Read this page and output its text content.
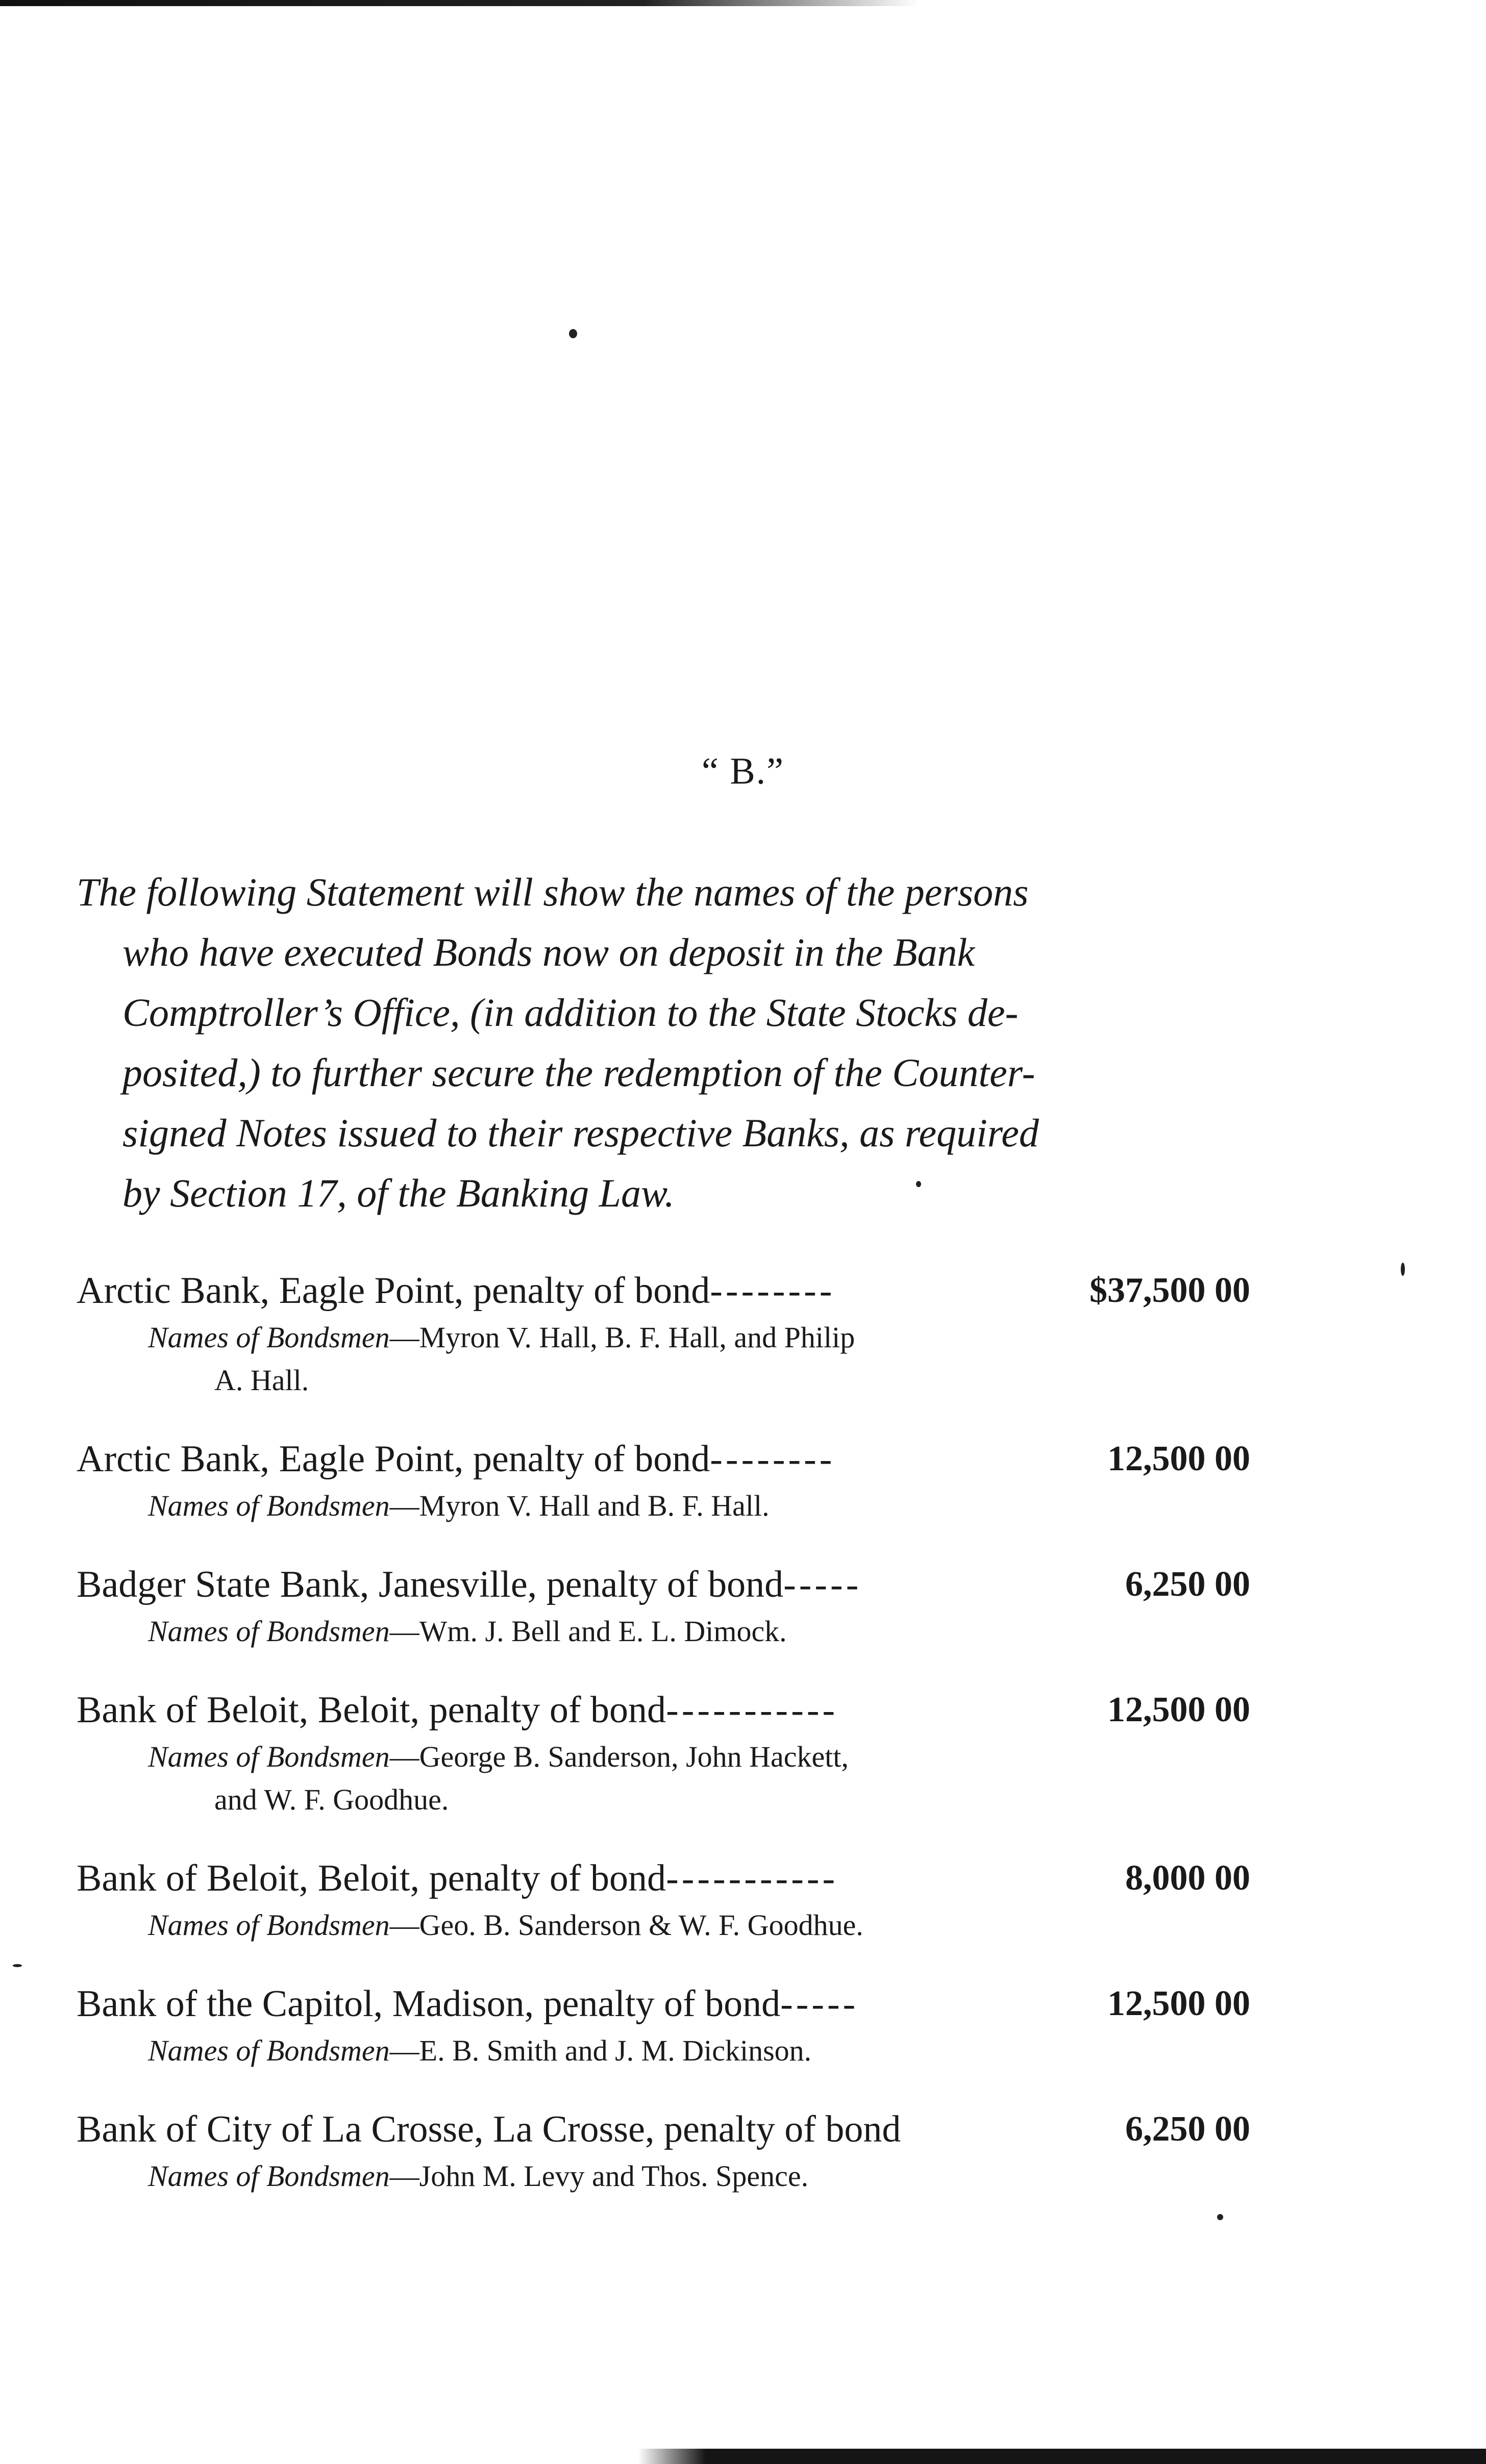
“ B.”
The following Statement will show the names of the persons
who have executed Bonds now on deposit in the Bank
Comptroller’s Office, (in addition to the State Stocks de-
posited,) to further secure the redemption of the Counter-
signed Notes issued to their respective Banks, as required
by Section 17, of the Banking Law.
Arctic Bank, Eagle Point, penalty of bond--------	$37,500 00
Names of Bondsmen—Myron V. Hall, B. F. Hall, and Philip
A. Hall.
Arctic Bank, Eagle Point, penalty of bond--------	12,500 00
Names of Bondsmen—Myron V. Hall and B. F. Hall.
Badger State Bank, Janesville, penalty of bond-----	6,250 00
Names of Bondsmen—Wm. J. Bell and E. L. Dimock.
Bank of Beloit, Beloit, penalty of bond-----------	12,500 00
Names of Bondsmen—George B. Sanderson, John Hackett,
and W. F. Goodhue.
Bank of Beloit, Beloit, penalty of bond-----------	8,000 00
Names of Bondsmen—Geo. B. Sanderson & W. F. Goodhue.
Bank of the Capitol, Madison, penalty of bond-----	12,500 00
Names of Bondsmen—E. B. Smith and J. M. Dickinson.
Bank of City of La Crosse, La Crosse, penalty of bond	6,250 00
Names of Bondsmen—John M. Levy and Thos. Spence.
